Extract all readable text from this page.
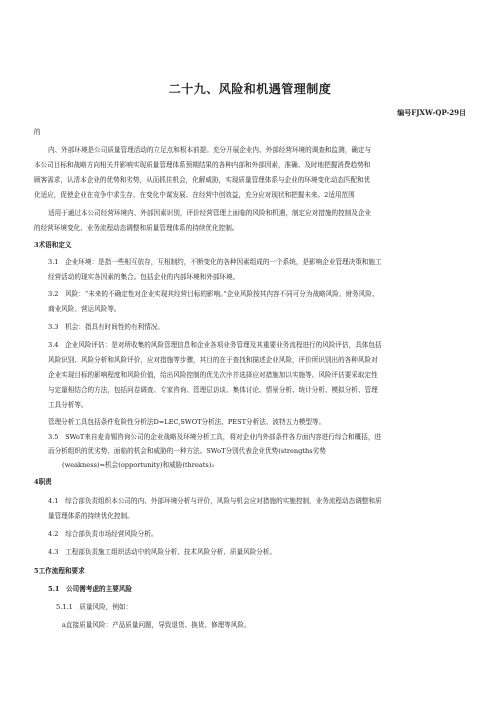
二十九、风险和机遇管理制度
编号FJXW-QP-29目
的
内、外部环境是公司质量管理活动的立足点和根本前提。充分开展企业内、外部经营环境的调查和监测，确定与
本公司目标和战略方向相关并影响实现质量管理体系预期结果的各种内部和外部因素，准确、及时地把握消费趋势和
顾客需求，认清本企业的优势和劣势，从而抓住机会，化解威胁，实现质量管理体系与企业的环境变化动态匹配和优
化适应，促使企业在竞争中求生存、在变化中谋发展、在经营中创效益，充分应对现状和把握未来。2适用范围
适用于通过本公司经营环境内、外部因素识别，评价经营管理上面临的风险和机遇，制定应对措施的控制及企业
的经营环境变化、业务流程动态调整和质量管理体系的持续优化控制。
3术语和定义
3.1　企业环境：是指一些相互依存，互相制约，不断变化的各种因素组成的一个系统，是影响企业管理决策和施工
经营活动的现实各因素的集合。包括企业的内部环境和外部环境。
3.2　风险：“未来的不确定性对企业实现其经营目标的影响。”企业风险按其内容不同可分为战略风险、财务风险、
商业风险、营运风险等。
3.3　机会：指具有时间性的有利情况。
3.4　企业风险评估：是对所收集的风险管理信息和企业各项业务管理及其重要业务流程进行的风险评估，具体包括
风险识别、风险分析和风险评价，应对措施等步骤，其目的在于查找和描述企业风险，评价所识别出的各种风险对
企业实现目标的影响程度和风险价值，给出风险控制的优先次序并选择应对措施加以实施等。风险评估要采取定性
与定量相结合的方法，包括问卷调查、专家咨询、管理层访谈、集体讨论、情景分析、统计分析、模拟分析、管理
工具分析等。
管理分析工具包括条件危险性分析法D=LEC,SWOT分析法、PEST分析法、波特五力模型等。
3.5　SWoT来自麦肯锡咨询公司的企业战略及环境分析工具，将对企业内外部条件各方面内容进行综合和概括，进
而分析组织的优劣势、面临的机会和威胁的一种方法。SWoT分别代表企业优势(strengths劣势
(weakness)=机会(opportunity)和威胁(threats)₂
4职责
4.1　综合部负责组织本公司的内、外部环境分析与评价，风险与机会应对措施的实施控制，业务流程动态调整和质
量管理体系的持续优化控制。
4.2　综合部负责市场经营风险分析。
4.3　工程部负责施工组织活动中的风险分析、技术风险分析、质量风险分析。
5工作流程和要求
5.1　公司需考虑的主要风险
5.1.1　质量风险，例如：
a直接质量风险：产品质量问题，导致退货、换货、修理等风险。
